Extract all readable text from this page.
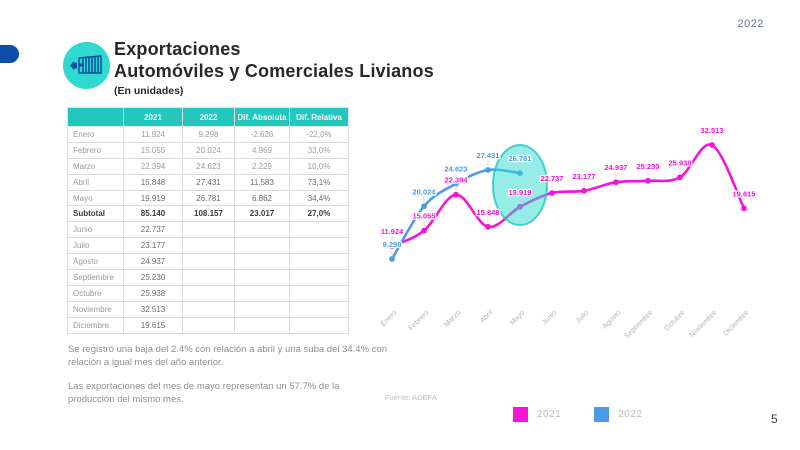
2022
Exportaciones
Automóviles y Comerciales Livianos
(En unidades)
	2021	2022	Dif. Absoluta	Dif. Relativa
Enero	11.924	9.298	-2.626	-22,0%
Febrero	15.055	20.024	4.969	33,0%
Marzo	22.394	24.623	2.229	10,0%
Abril	15.848	27.431	11.583	73,1%
Mayo	19.919	26.781	6.862	34,4%
Subtotal	85.140	108.157	23.017	27,0%
Junio	22.737			
Julio	23.177			
Agosto	24.937			
Septiembre	25.230			
Octubre	25.938			
Noviembre	32.513			
Diciembre	19.615			

Se registró una baja del 2.4% con relación a abril y una suba del 34.4% con relación a igual mes del año anterior.

Las exportaciones del mes de mayo representan un 57.7% de la producción del mismo mes.

11.924
15.055
22.394
15.848
19.919
22.737 23.177
24.937 25.230 25.938
32.513
19.615
9.298
20.024
24.623
27.431 26.781
Enero Febrero Marzo Abril Mayo Junio Julio Agosto Septiembre Octubre Noviembre Diciembre
Fuente: ADEFA
2021	2022	5
